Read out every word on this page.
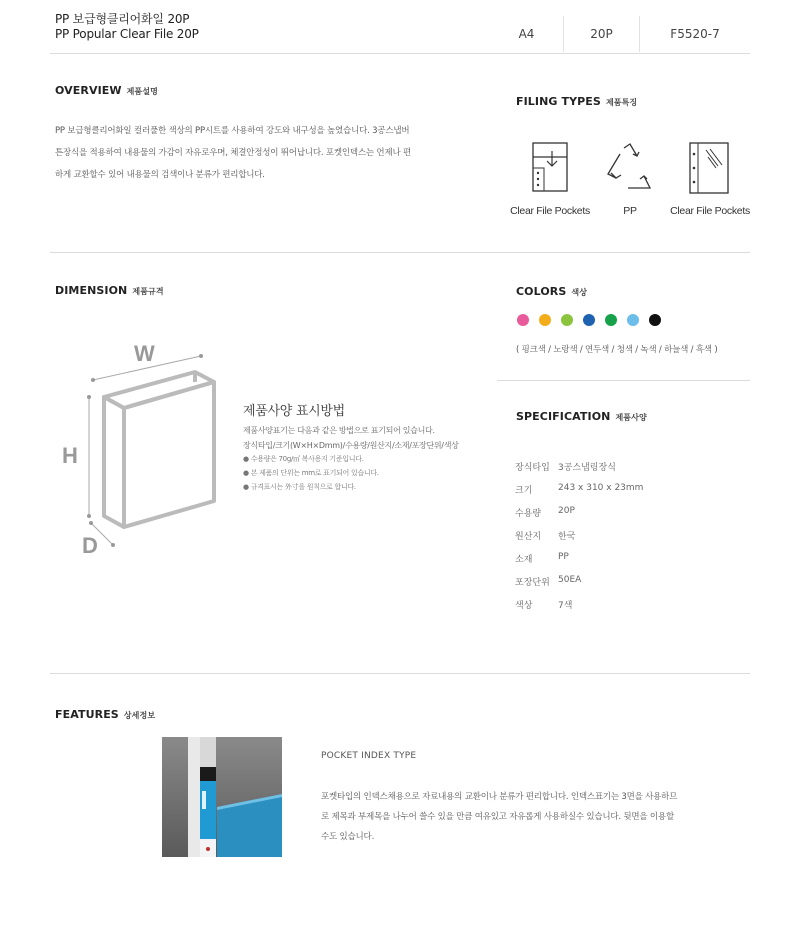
PP 보급형클리어화일 20P
PP Popular Clear File 20P	A4	20P	F5520-7
OVERVIEW 제품설명
PP 보급형클리어화일 컬러풀한 색상의 PP시트를 사용하여 강도와 내구성을 높였습니다. 3공스냅버
튼장식을 적용하여 내용물의 가감이 자유로우며, 체결안정성이 뛰어납니다. 포켓인덱스는 언제나 편
하게 교환할수 있어 내용물의 검색이나 분류가 편리합니다.
FILING TYPES 제품특징
Clear File Pockets	PP	Clear File Pockets
DIMENSION 제품규격
W
H
D
제품사양 표시방법
제품사양표기는 다음과 같은 방법으로 표기되어 있습니다.
장식타입/크기(W×H×Dmm)/수용량/원산지/소재/포장단위/색상
● 수용량은 70g/㎡ 복사용지 기준입니다.
● 본 제품의 단위는 mm로 표기되어 있습니다.
● 규격표시는 外寸을 원칙으로 합니다.
COLORS 색상
( 핑크색 / 노랑색 / 연두색 / 청색 / 녹색 / 하늘색 / 흑색 )
SPECIFICATION 제품사양
장식타입 3공스냅링장식
크기	243 x 310 x 23mm
수용량 20P
원산지 한국
소재	PP
포장단위 50EA
색상	7색
FEATURES 상세정보
POCKET INDEX TYPE
포켓타입의 인덱스채용으로 자료내용의 교환이나 분류가 편리합니다. 인덱스표기는 3면을 사용하므
로 제목과 부제목을 나누어 쓸수 있을 만큼 여유있고 자유롭게 사용하실수 있습니다. 뒷면을 이용할
수도 있습니다.
